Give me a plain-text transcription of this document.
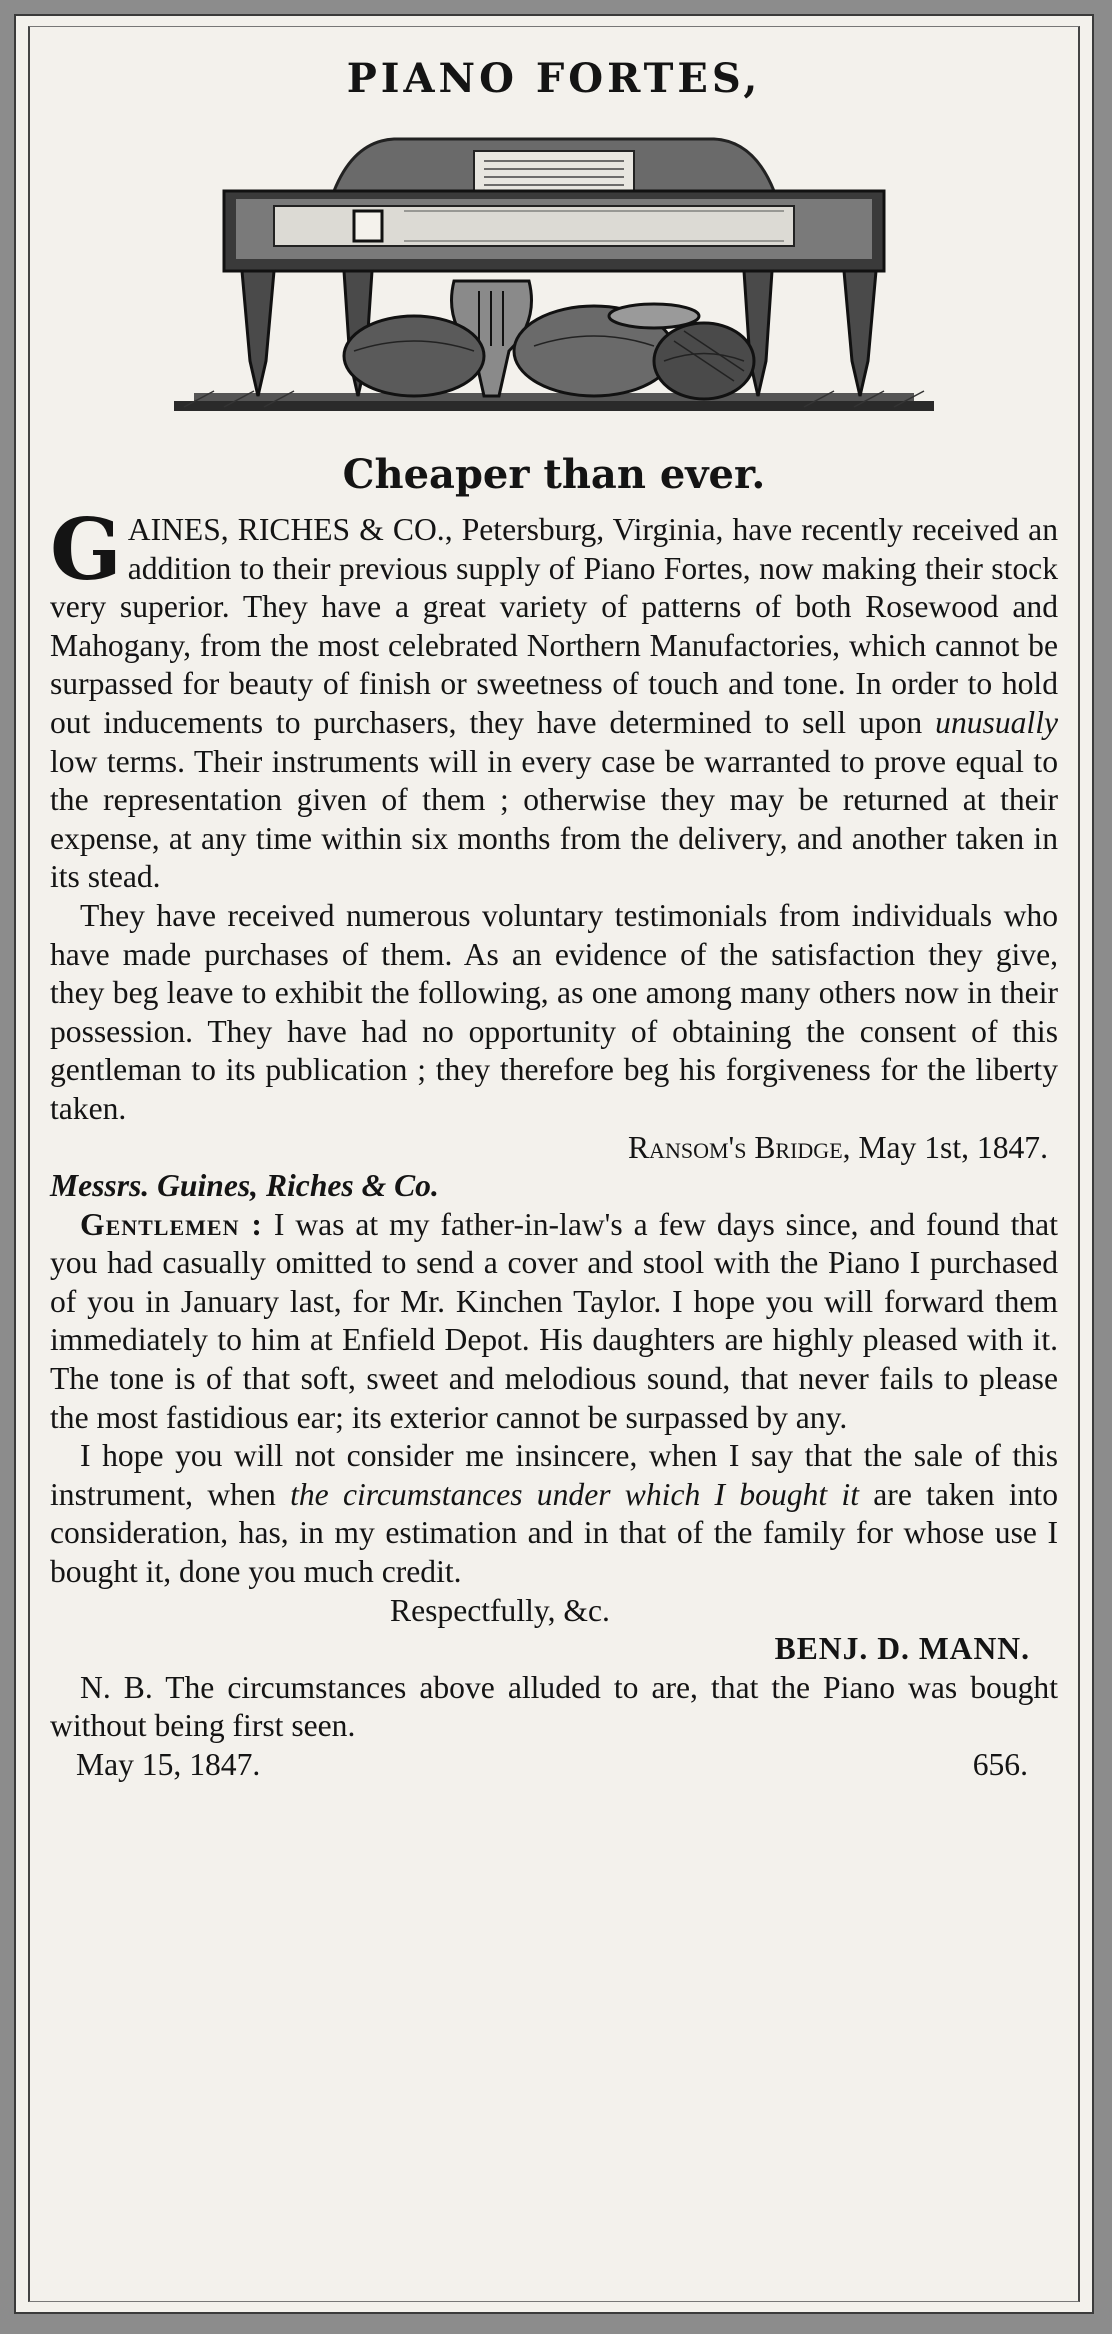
PIANO FORTES,
Cheaper than ever.

GAINES, RICHES & CO., Petersburg, Virginia, have recently received an addition to their previous supply of Piano Fortes, now making their stock very superior. They have a great variety of patterns of both Rosewood and Mahogany, from the most celebrated Northern Manufactories, which cannot be surpassed for beauty of finish or sweetness of touch and tone. In order to hold out inducements to purchasers, they have determined to sell upon unusually low terms. Their instruments will in every case be warranted to prove equal to the representation given of them ; otherwise they may be returned at their expense, at any time within six months from the delivery, and another taken in its stead.

They have received numerous voluntary testimonials from individuals who have made purchases of them. As an evidence of the satisfaction they give, they beg leave to exhibit the following, as one among many others now in their possession. They have had no opportunity of obtaining the consent of this gentleman to its publication ; they therefore beg his forgiveness for the liberty taken.

Ransom's Bridge, May 1st, 1847.

Messrs. Guines, Riches & Co.

Gentlemen : I was at my father-in-law's a few days since, and found that you had casually omitted to send a cover and stool with the Piano I purchased of you in January last, for Mr. Kinchen Taylor. I hope you will forward them immediately to him at Enfield Depot. His daughters are highly pleased with it. The tone is of that soft, sweet and melodious sound, that never fails to please the most fastidious ear; its exterior cannot be surpassed by any.

I hope you will not consider me insincere, when I say that the sale of this instrument, when the circumstances under which I bought it are taken into consideration, has, in my estimation and in that of the family for whose use I bought it, done you much credit.

Respectfully, &c.

BENJ. D. MANN.

N. B. The circumstances above alluded to are, that the Piano was bought without being first seen.

May 15, 1847.	656.
